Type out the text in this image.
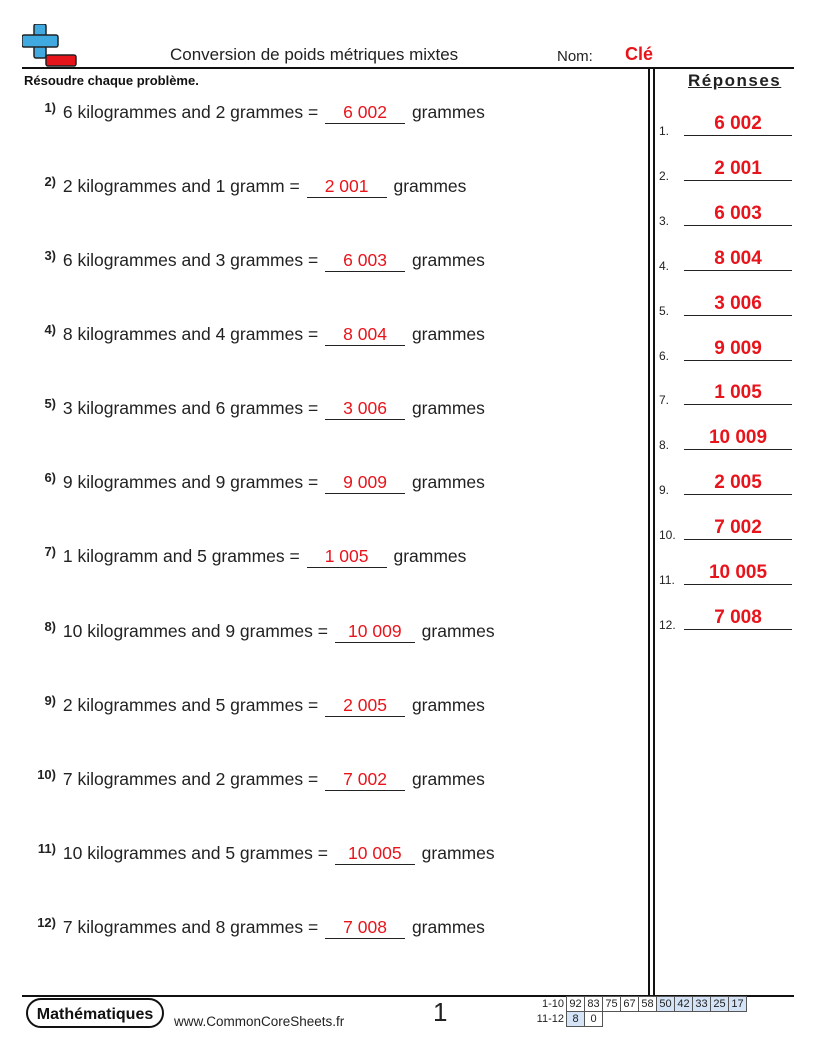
Conversion de poids métriques mixtes	Nom: Clé
Résoudre chaque problème.	Réponses
1) 6 kilogrammes and 2 grammes = 6 002 grammes
2) 2 kilogrammes and 1 gramm = 2 001 grammes
3) 6 kilogrammes and 3 grammes = 6 003 grammes
4) 8 kilogrammes and 4 grammes = 8 004 grammes
5) 3 kilogrammes and 6 grammes = 3 006 grammes
6) 9 kilogrammes and 9 grammes = 9 009 grammes
7) 1 kilogramm and 5 grammes = 1 005 grammes
8) 10 kilogrammes and 9 grammes = 10 009 grammes
9) 2 kilogrammes and 5 grammes = 2 005 grammes
10) 7 kilogrammes and 2 grammes = 7 002 grammes
11) 10 kilogrammes and 5 grammes = 10 005 grammes
12) 7 kilogrammes and 8 grammes = 7 008 grammes
1.	6 002
2.	2 001
3.	6 003
4.	8 004
5.	3 006
6.	9 009
7.	1 005
8.	10 009
9.	2 005
10.	7 002
11.	10 005
12.	7 008
Mathématiques	www.CommonCoreSheets.fr	1	1-10	92	83	75	67	58	50	42	33	25	17
11-12	8	0								
